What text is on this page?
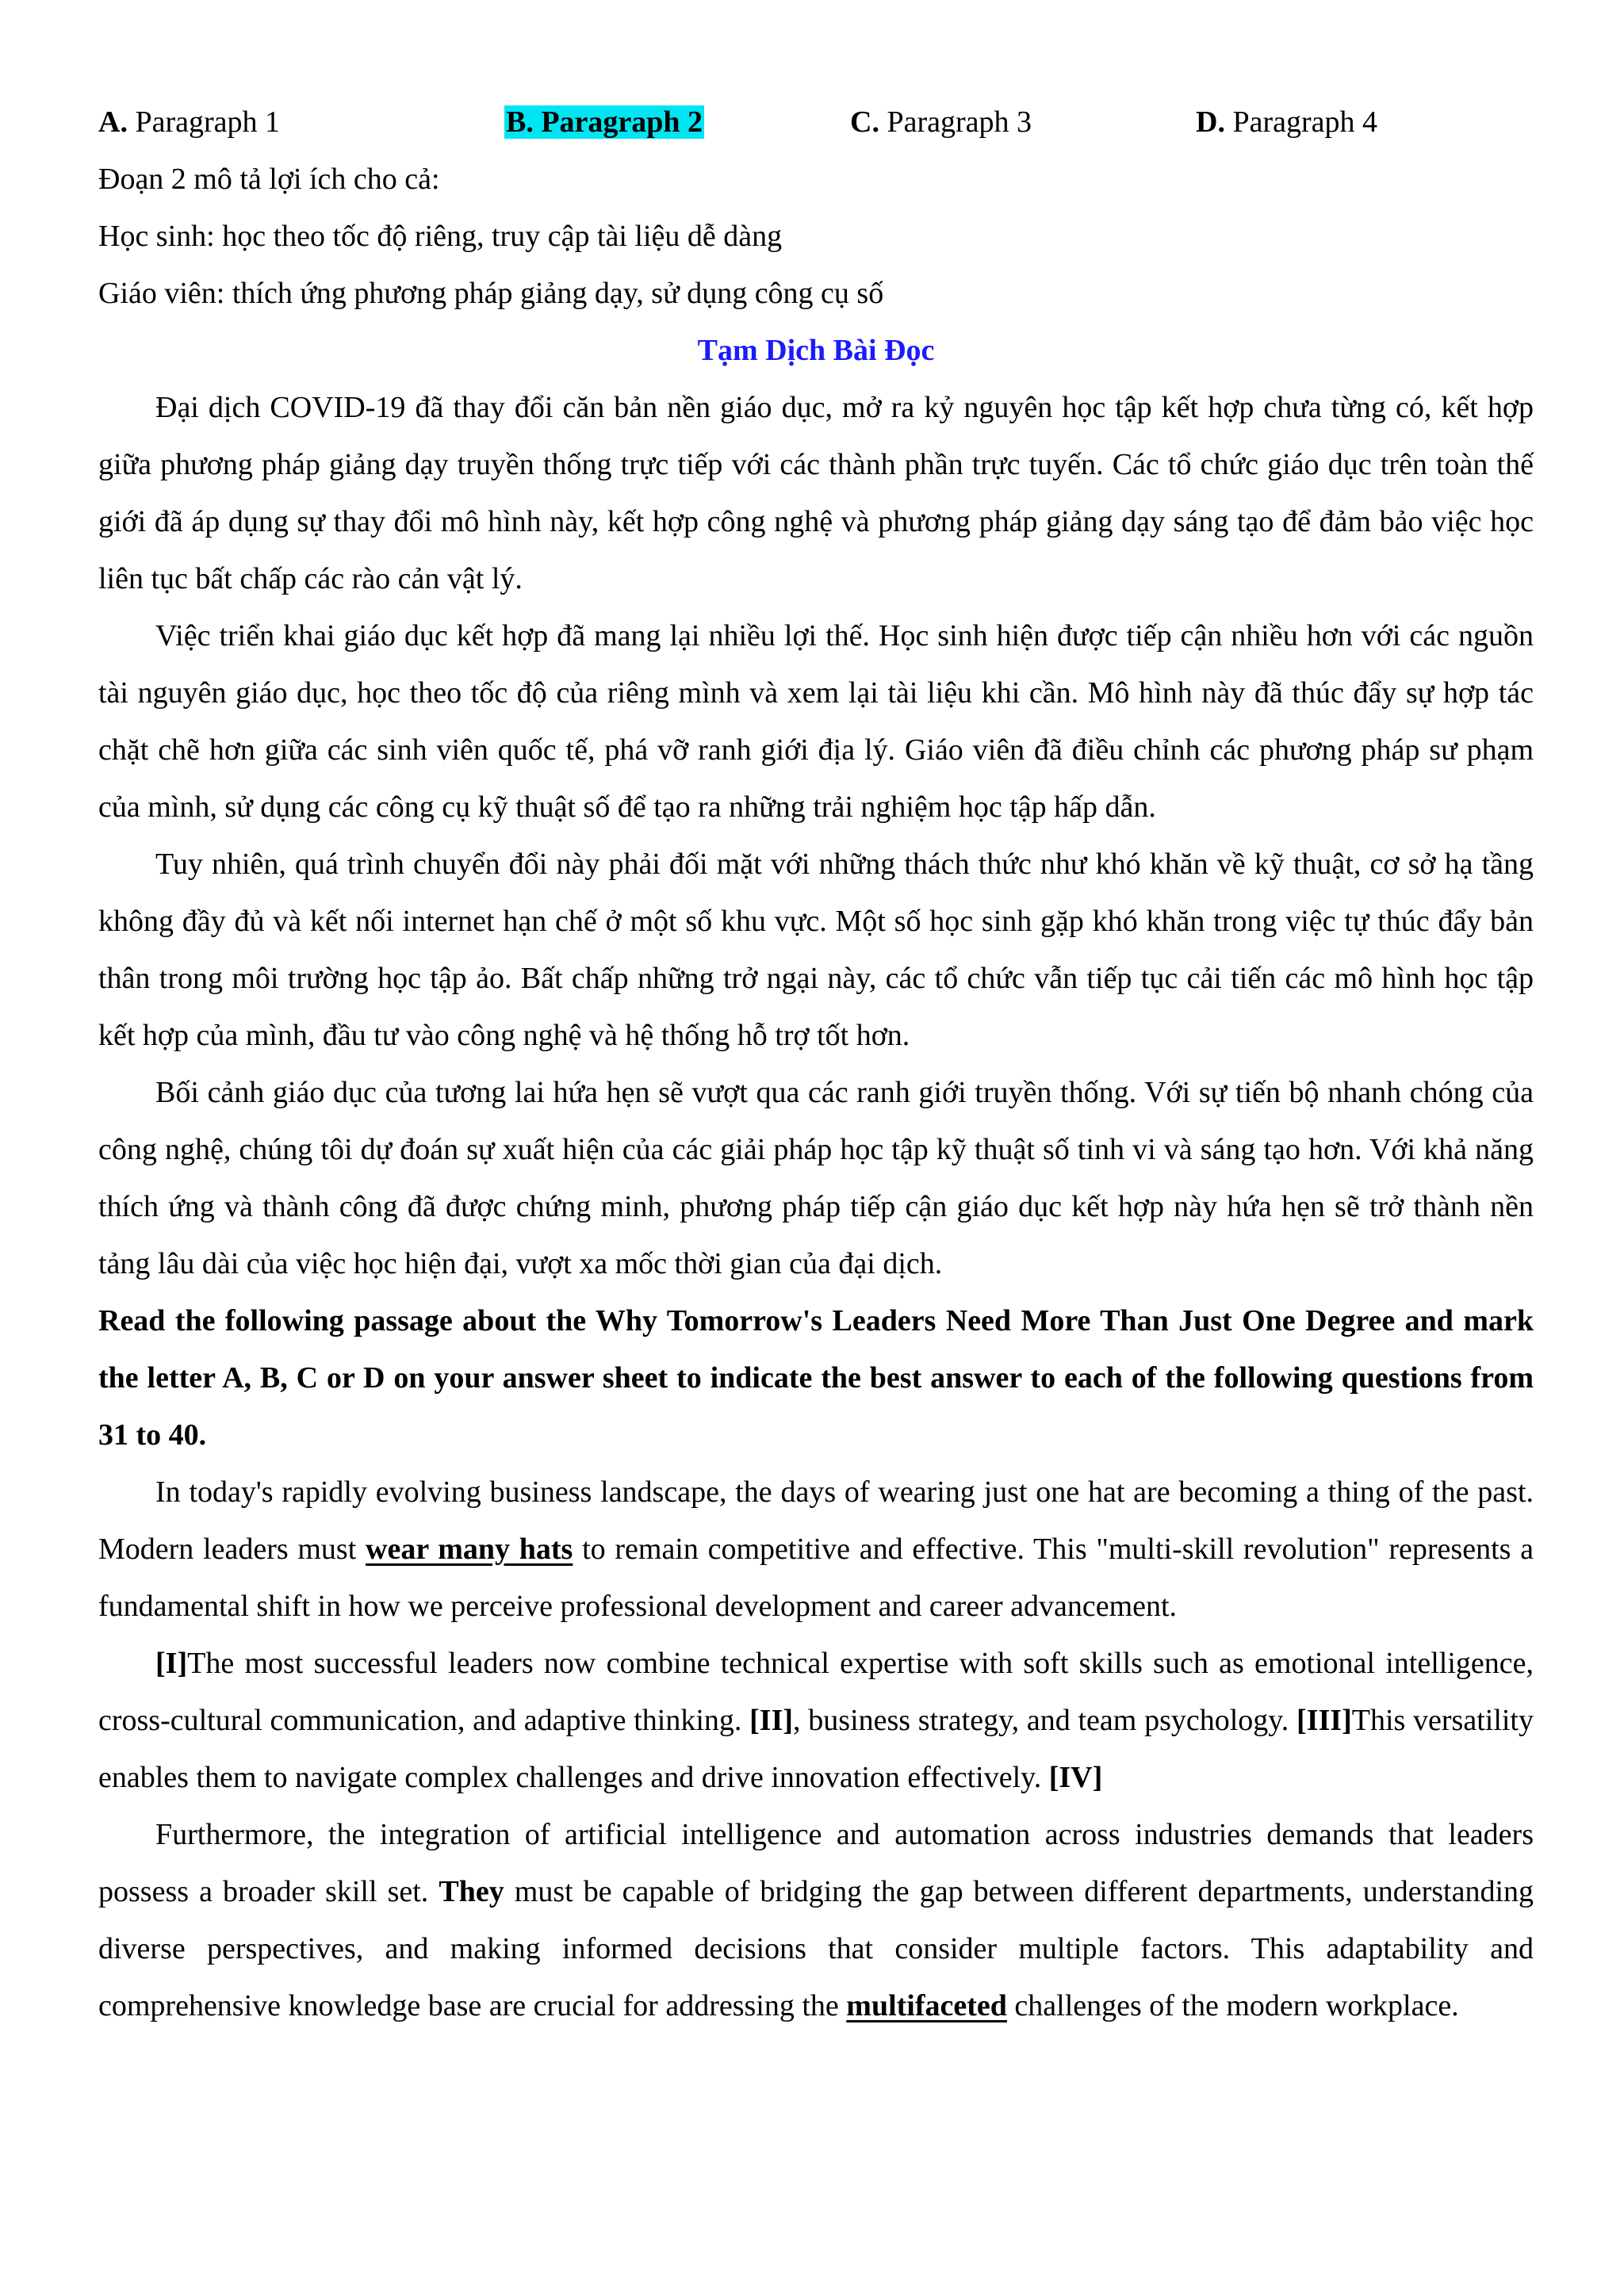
A. Paragraph 1	B. Paragraph 2	C. Paragraph 3	D. Paragraph 4

Đoạn 2 mô tả lợi ích cho cả:

Học sinh: học theo tốc độ riêng, truy cập tài liệu dễ dàng

Giáo viên: thích ứng phương pháp giảng dạy, sử dụng công cụ số

Tạm Dịch Bài Đọc

Đại dịch COVID-19 đã thay đổi căn bản nền giáo dục, mở ra kỷ nguyên học tập kết hợp chưa từng có, kết hợp giữa phương pháp giảng dạy truyền thống trực tiếp với các thành phần trực tuyến. Các tổ chức giáo dục trên toàn thế giới đã áp dụng sự thay đổi mô hình này, kết hợp công nghệ và phương pháp giảng dạy sáng tạo để đảm bảo việc học liên tục bất chấp các rào cản vật lý.

Việc triển khai giáo dục kết hợp đã mang lại nhiều lợi thế. Học sinh hiện được tiếp cận nhiều hơn với các nguồn tài nguyên giáo dục, học theo tốc độ của riêng mình và xem lại tài liệu khi cần. Mô hình này đã thúc đẩy sự hợp tác chặt chẽ hơn giữa các sinh viên quốc tế, phá vỡ ranh giới địa lý. Giáo viên đã điều chỉnh các phương pháp sư phạm của mình, sử dụng các công cụ kỹ thuật số để tạo ra những trải nghiệm học tập hấp dẫn.

Tuy nhiên, quá trình chuyển đổi này phải đối mặt với những thách thức như khó khăn về kỹ thuật, cơ sở hạ tầng không đầy đủ và kết nối internet hạn chế ở một số khu vực. Một số học sinh gặp khó khăn trong việc tự thúc đẩy bản thân trong môi trường học tập ảo. Bất chấp những trở ngại này, các tổ chức vẫn tiếp tục cải tiến các mô hình học tập kết hợp của mình, đầu tư vào công nghệ và hệ thống hỗ trợ tốt hơn.

Bối cảnh giáo dục của tương lai hứa hẹn sẽ vượt qua các ranh giới truyền thống. Với sự tiến bộ nhanh chóng của công nghệ, chúng tôi dự đoán sự xuất hiện của các giải pháp học tập kỹ thuật số tinh vi và sáng tạo hơn. Với khả năng thích ứng và thành công đã được chứng minh, phương pháp tiếp cận giáo dục kết hợp này hứa hẹn sẽ trở thành nền tảng lâu dài của việc học hiện đại, vượt xa mốc thời gian của đại dịch.

Read the following passage about the Why Tomorrow's Leaders Need More Than Just One Degree and mark the letter A, B, C or D on your answer sheet to indicate the best answer to each of the following questions from 31 to 40.

In today's rapidly evolving business landscape, the days of wearing just one hat are becoming a thing of the past. Modern leaders must wear many hats to remain competitive and effective. This "multi-skill revolution" represents a fundamental shift in how we perceive professional development and career advancement.

[I]The most successful leaders now combine technical expertise with soft skills such as emotional intelligence, cross-cultural communication, and adaptive thinking. [II], business strategy, and team psychology. [III]This versatility enables them to navigate complex challenges and drive innovation effectively. [IV]

Furthermore, the integration of artificial intelligence and automation across industries demands that leaders possess a broader skill set. They must be capable of bridging the gap between different departments, understanding diverse perspectives, and making informed decisions that consider multiple factors. This adaptability and comprehensive knowledge base are crucial for addressing the multifaceted challenges of the modern workplace.
